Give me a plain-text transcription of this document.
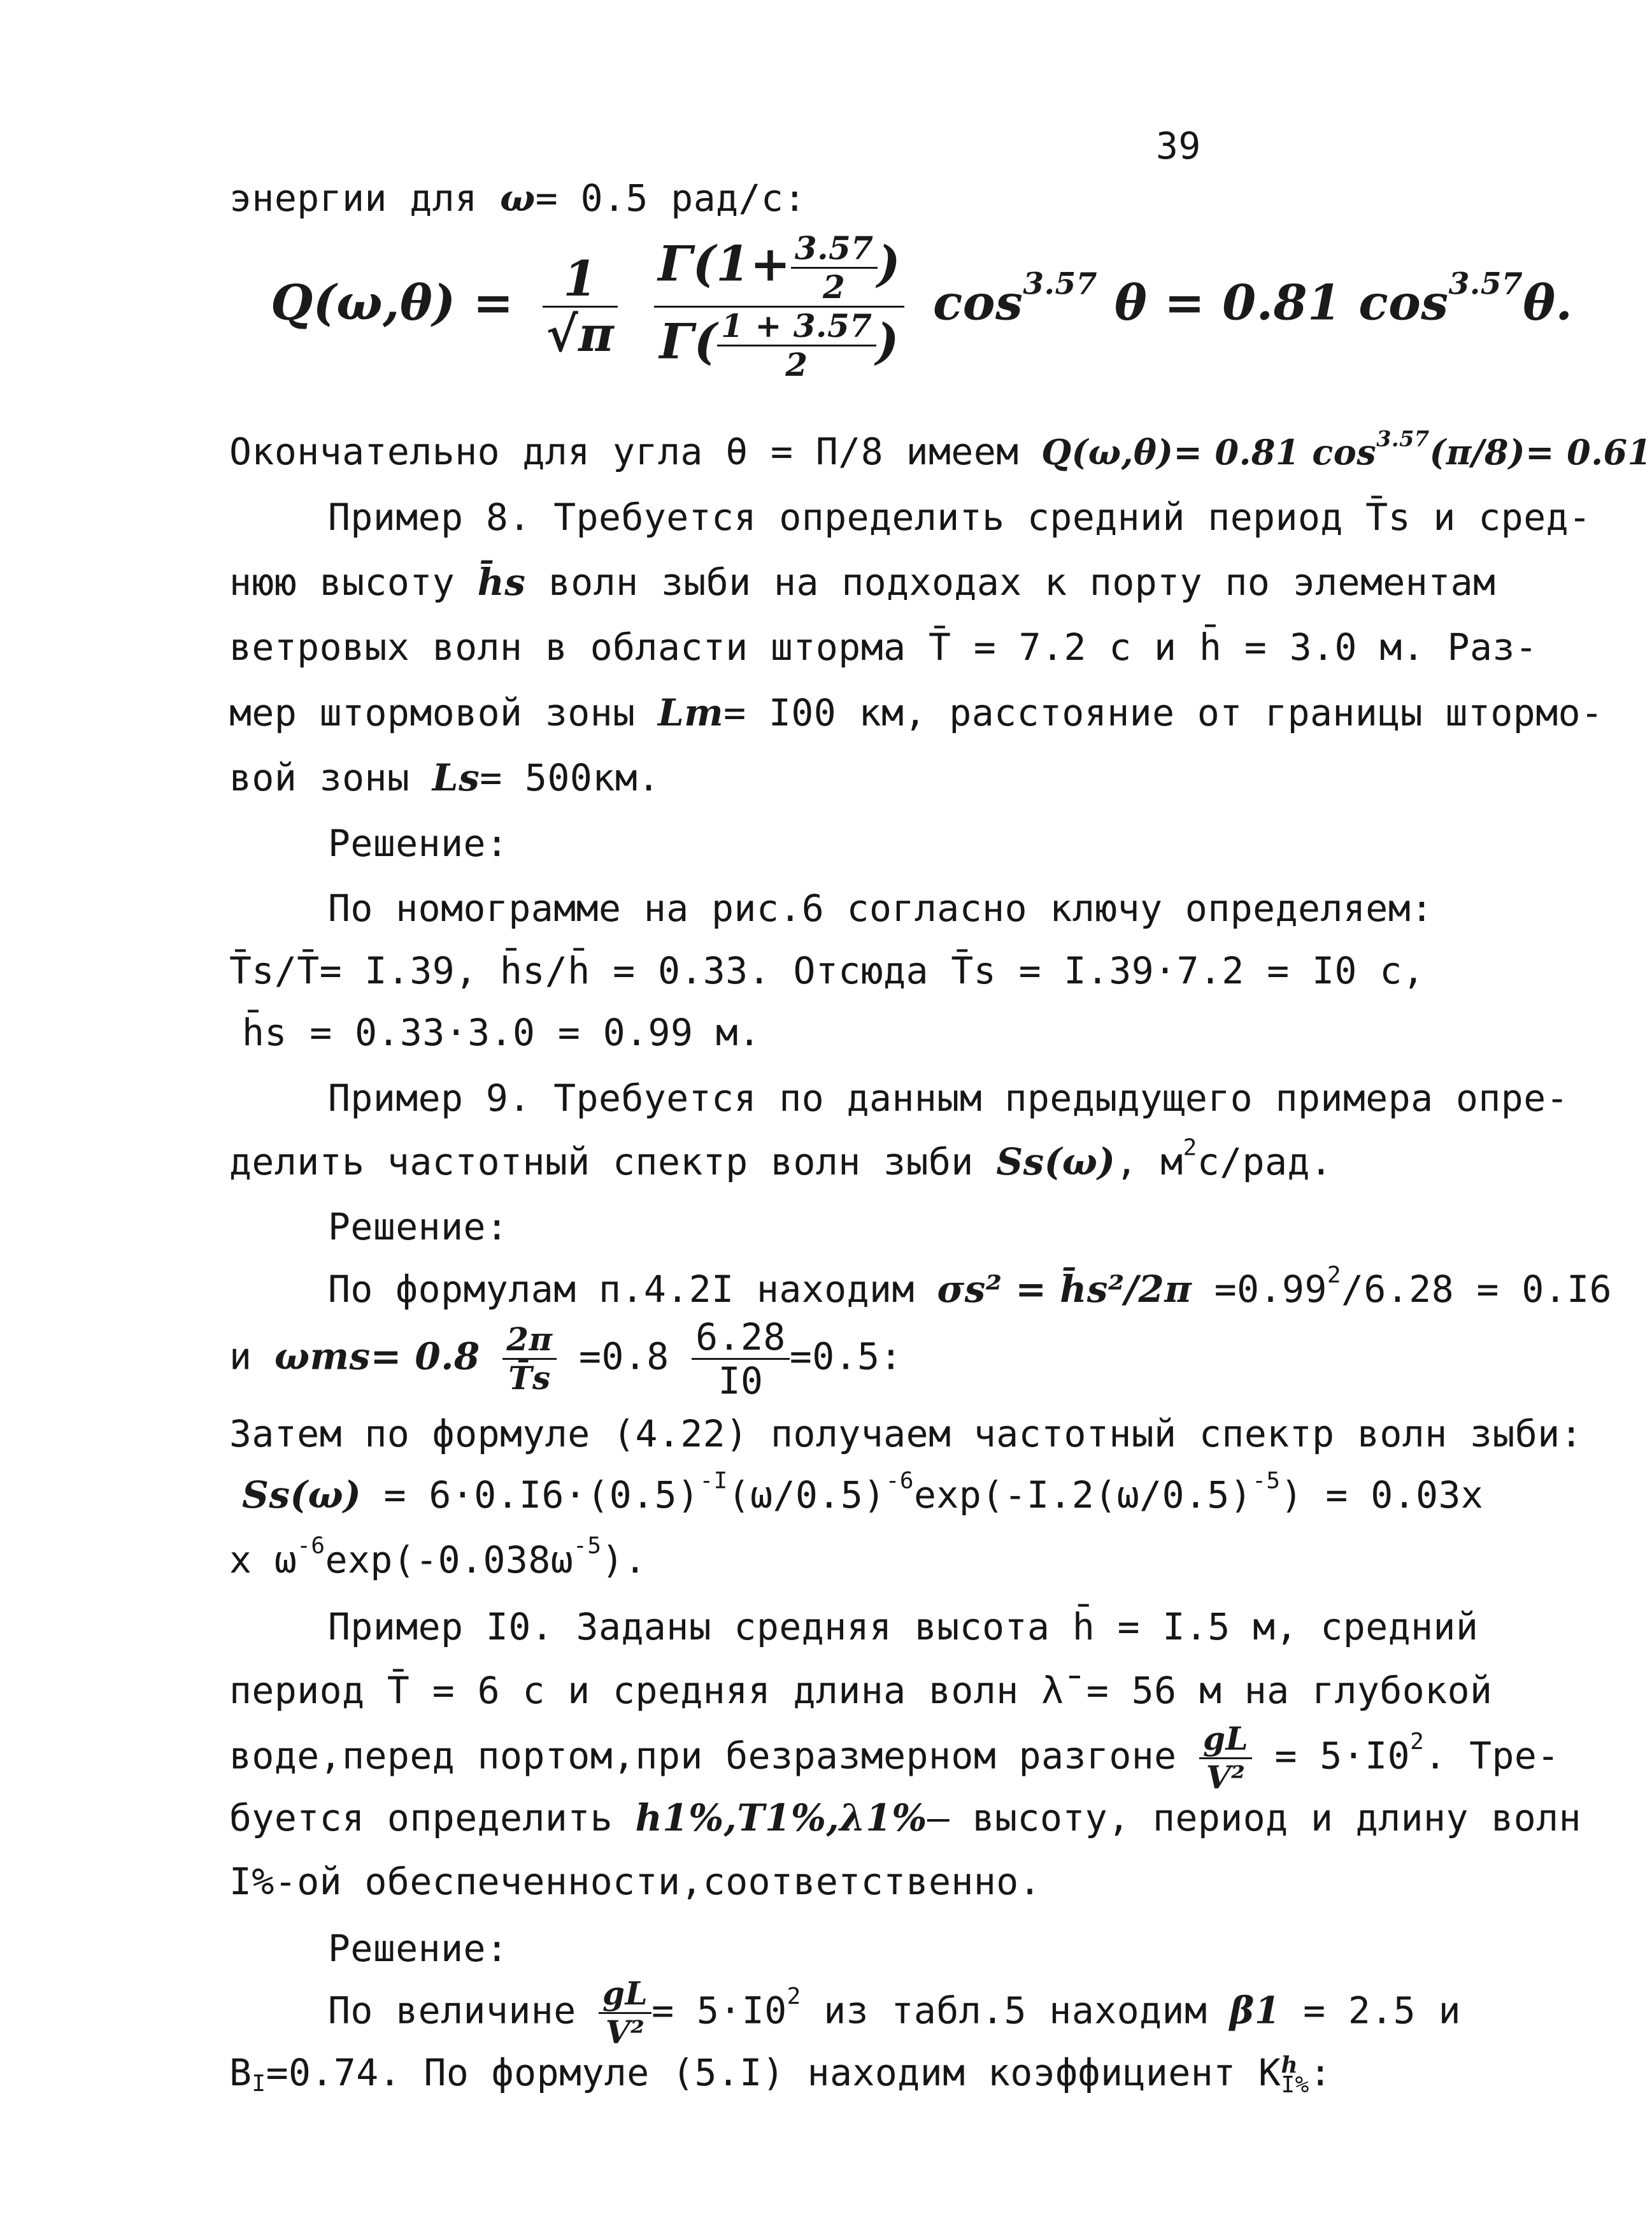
39
энергии для ω= 0.5 рад/с:
$Q(\omega,\theta) = \frac{1}{√\pi}$
$\frac{\Gamma(1+ \frac{3.57}{2} )}{\Gamma( \frac{1 + 3.57}{2} )} \cos^{3.57} \theta = 0.81$ $\cos^{3.57}\theta$.
Окончательно для угла θ = П/8 имеем Q(ω,θ)= 0.81 $\cos^{3.57}(\pi/8)= 0.61$
Пример 8. Требуется определить средний период T̄s и сред-
нюю высоту h̄s волн зыби на подходах к порту по элементам
ветровых волн в области шторма T̄ = 7.2 с и h̄ = 3.0 м. Раз-
мер штормовой зоны Lm= I00 км, расстояние от границы штормо-
вой зоны Ls= 500км.
Решение:
По номограмме на рис.6 согласно ключу определяем:
T̄s/T̄= I.39, h̄s/h̄ = 0.33. Отсюда T̄s = I.39·7.2 = I0 с,
h̄s = 0.33·3.0 = 0.99 м.
Пример 9. Требуется по данным предыдущего примера опре-
делить частотный спектр волн зыби Ss(ω), $м^2с$/рад.
Решение:
По формулам п.4.2I находим σs² = h̄s²/2π $=0.99^2/6.28 = 0.I6$
и $\omega ms= 0.8 \frac{2\pi}{T̄s} =0.8 \frac{6.28}{I0} =0.5$:
Затем по формуле (4.22) получаем частотный спектр волн зыби:
$Ss(\omega) = 6\cdot 0.I6\cdot(0.5)^{-I}(\omega/0.5)^{-6}\exp(-I.2(\omega/0.5)^{-5}) = 0.03x$
x $\omega^{-6}\exp(-0.038\omega^{-5})$.
Пример I0. Заданы средняя высота h̄ = I.5 м, средний
период T̄ = 6 с и средняя длина волн λ̄ = 56 м на глубокой
воде,перед портом,при безразмерном разгоне $\frac{gL}{\text{V²}} = 5\cdot I0^2$. Тре-
буется определить h1%,T1%,λ1%– высоту, период и длину волн
I%-ой обеспеченности,соответственно.
Решение:
По величине $\frac{gL}{\text{V²}} = 5\cdot I0^2$ из табл.5 находим β1 = 2.5 и
$B_I=0.74$. По формуле (5.I) находим коэффициент K h
I% :
